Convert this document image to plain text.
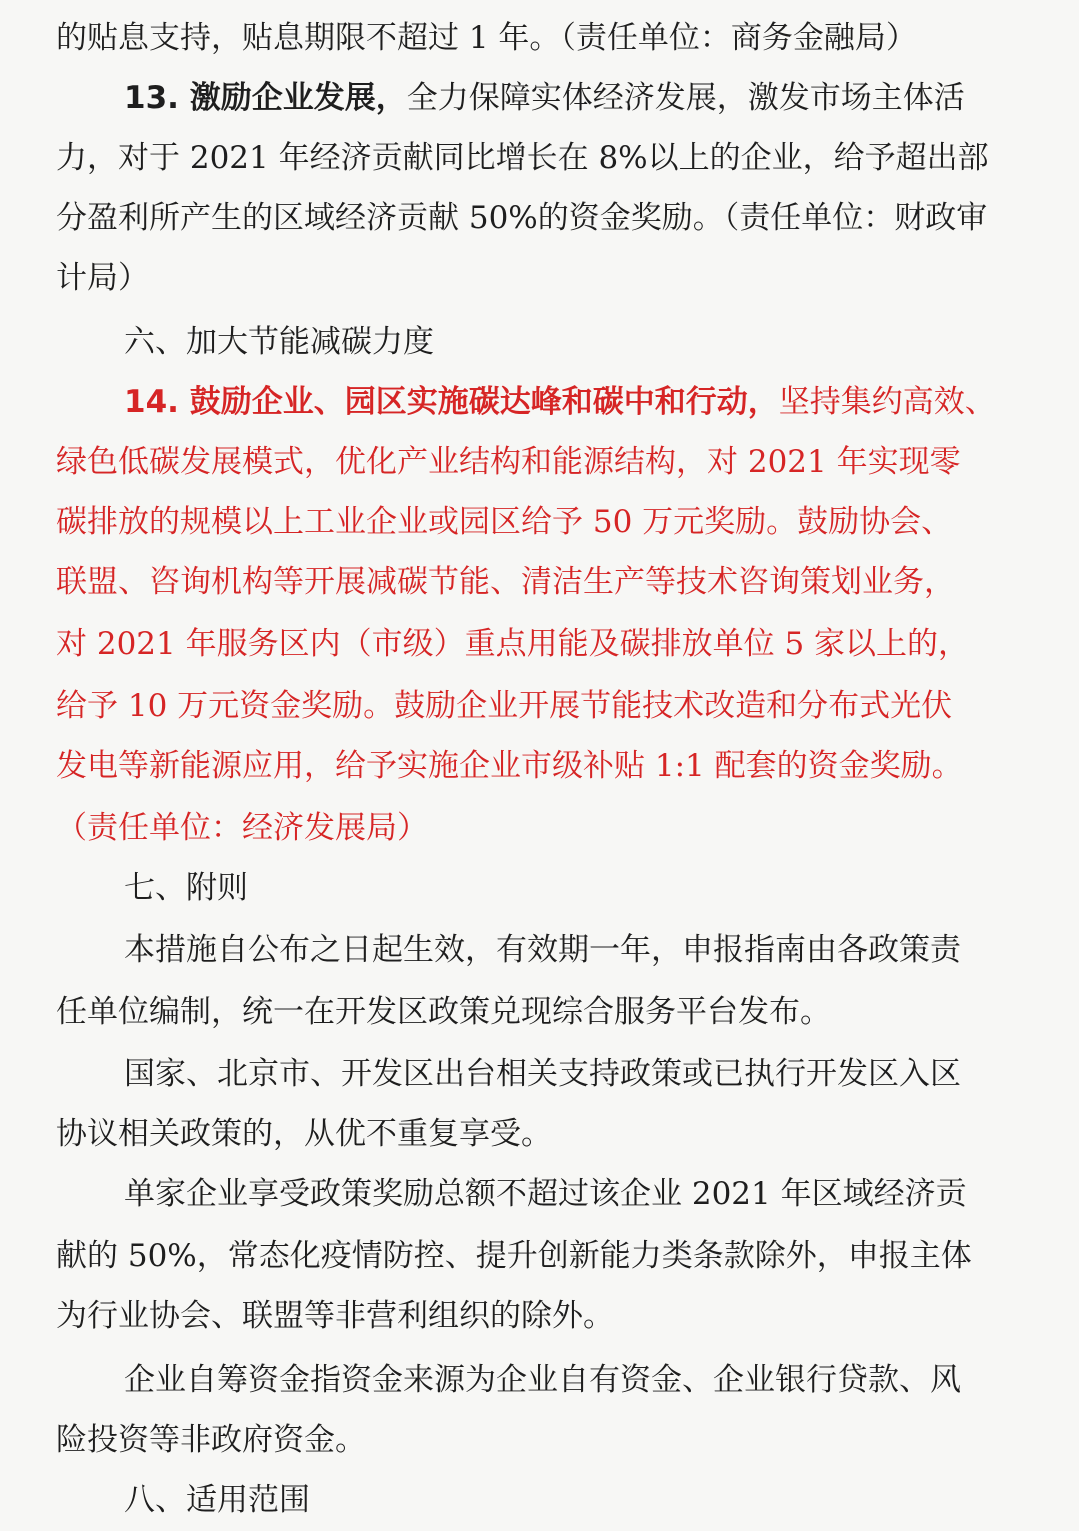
的贴息支持，贴息期限不超过 1 年。（责任单位：商务金融局）
13. 激励企业发展，全力保障实体经济发展，激发市场主体活
力，对于 2021 年经济贡献同比增长在 8%以上的企业，给予超出部
分盈利所产生的区域经济贡献 50%的资金奖励。（责任单位：财政审
计局）
六、加大节能减碳力度
14. 鼓励企业、园区实施碳达峰和碳中和行动，坚持集约高效、
绿色低碳发展模式，优化产业结构和能源结构，对 2021 年实现零
碳排放的规模以上工业企业或园区给予 50 万元奖励。鼓励协会、
联盟、咨询机构等开展减碳节能、清洁生产等技术咨询策划业务，
对 2021 年服务区内（市级）重点用能及碳排放单位 5 家以上的，
给予 10 万元资金奖励。鼓励企业开展节能技术改造和分布式光伏
发电等新能源应用，给予实施企业市级补贴 1:1 配套的资金奖励。
（责任单位：经济发展局）
七、附则
本措施自公布之日起生效，有效期一年，申报指南由各政策责
任单位编制，统一在开发区政策兑现综合服务平台发布。
国家、北京市、开发区出台相关支持政策或已执行开发区入区
协议相关政策的，从优不重复享受。
单家企业享受政策奖励总额不超过该企业 2021 年区域经济贡
献的 50%，常态化疫情防控、提升创新能力类条款除外，申报主体
为行业协会、联盟等非营利组织的除外。
企业自筹资金指资金来源为企业自有资金、企业银行贷款、风
险投资等非政府资金。
八、适用范围
